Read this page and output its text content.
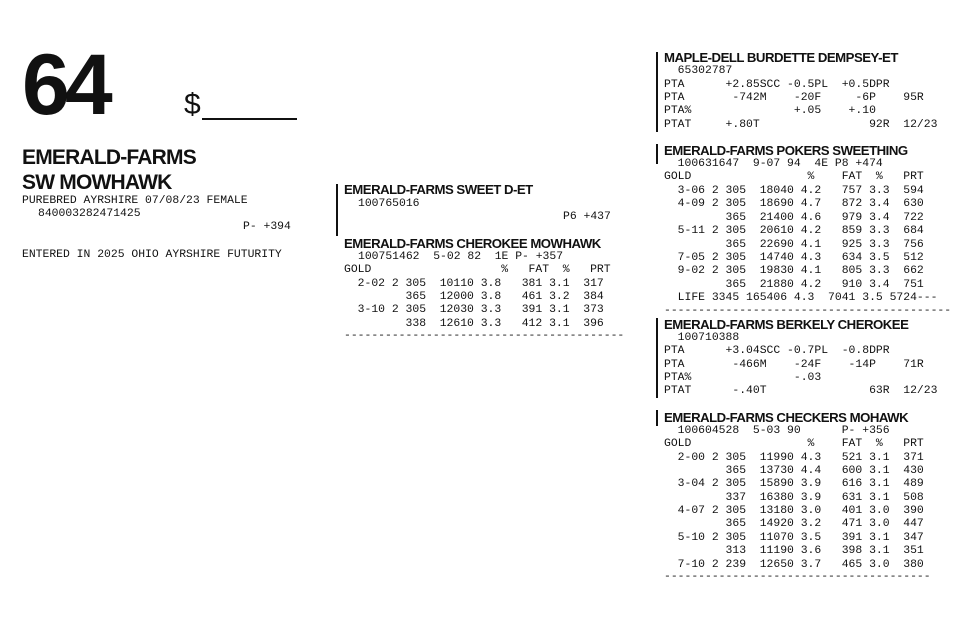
64	$
EMERALD-FARMS
SW MOWHAWK
PUREBRED AYRSHIRE 07/08/23 FEMALE
840003282471425
P- +394
ENTERED IN 2025 OHIO AYRSHIRE FUTURITY
EMERALD-FARMS SWEET D-ET
100765016
P6 +437
EMERALD-FARMS CHEROKEE MOWHAWK
100751462  5-02 82  1E P- +357
GOLD                   %   FAT  %   PRT
2-02 2 305  10110 3.8   381 3.1  317
365  12000 3.8   461 3.2  384
3-10 2 305  12030 3.3   391 3.1  373
338  12610 3.3   412 3.1  396
-----------------------------------------
MAPLE-DELL BURDETTE DEMPSEY-ET
65302787
PTA      +2.85SCC -0.5PL  +0.5DPR
PTA       -742M    -20F     -6P    95R
PTA%               +.05    +.10
PTAT     +.80T                92R  12/23
EMERALD-FARMS POKERS SWEETHING
100631647  9-07 94  4E P8 +474
GOLD                 %    FAT  %   PRT
3-06 2 305  18040 4.2   757 3.3  594
4-09 2 305  18690 4.7   872 3.4  630
365  21400 4.6   979 3.4  722
5-11 2 305  20610 4.2   859 3.3  684
365  22690 4.1   925 3.3  756
7-05 2 305  14740 4.3   634 3.5  512
9-02 2 305  19830 4.1   805 3.3  662
365  21880 4.2   910 3.4  751
LIFE 3345 165406 4.3  7041 3.5 5724---
------------------------------------------
EMERALD-FARMS BERKELY CHEROKEE
100710388
PTA      +3.04SCC -0.7PL  -0.8DPR
PTA       -466M    -24F    -14P    71R
PTA%               -.03
PTAT      -.40T               63R  12/23
EMERALD-FARMS CHECKERS MOHAWK
100604528  5-03 90      P- +356
GOLD                 %    FAT  %   PRT
2-00 2 305  11990 4.3   521 3.1  371
365  13730 4.4   600 3.1  430
3-04 2 305  15890 3.9   616 3.1  489
337  16380 3.9   631 3.1  508
4-07 2 305  13180 3.0   401 3.0  390
365  14920 3.2   471 3.0  447
5-10 2 305  11070 3.5   391 3.1  347
313  11190 3.6   398 3.1  351
7-10 2 239  12650 3.7   465 3.0  380
---------------------------------------
